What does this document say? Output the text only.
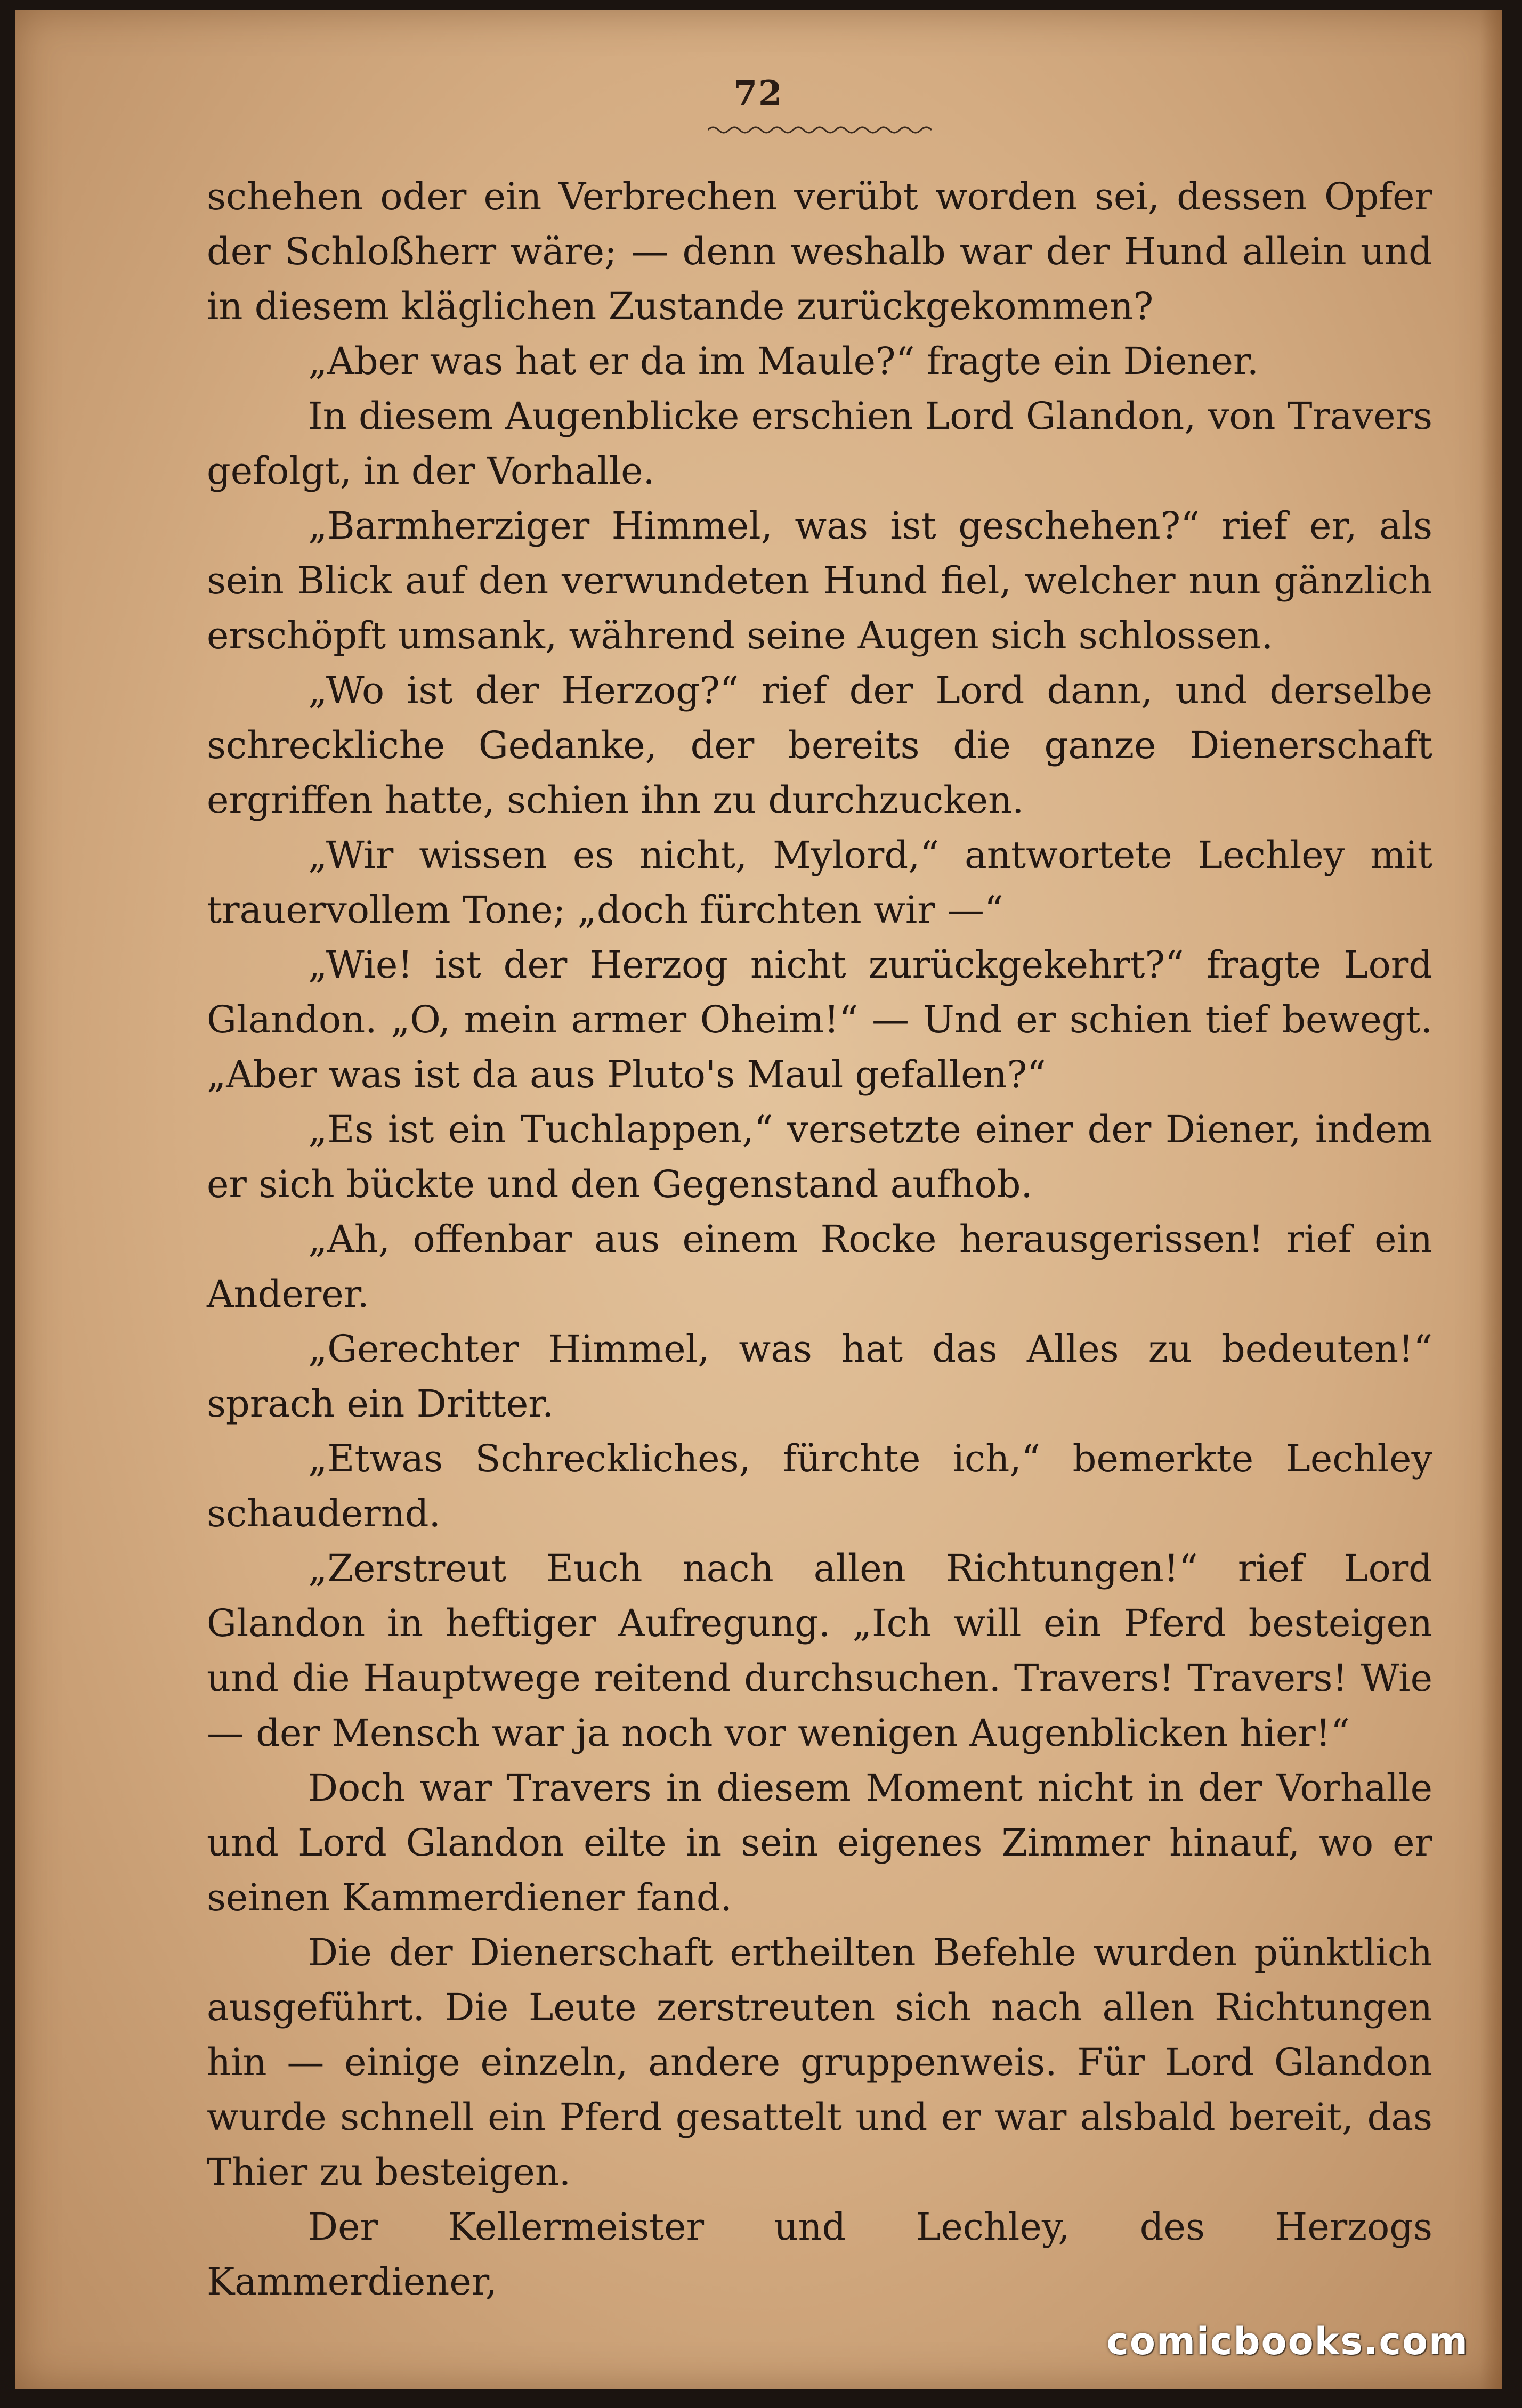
72

schehen oder ein Verbrechen verübt worden sei, dessen Opfer der Schloßherr wäre; — denn weshalb war der Hund allein und in diesem kläglichen Zustande zurückgekommen?

„Aber was hat er da im Maule?“ fragte ein Diener.

In diesem Augenblicke erschien Lord Glandon, von Travers gefolgt, in der Vorhalle.

„Barmherziger Himmel, was ist geschehen?“ rief er, als sein Blick auf den verwundeten Hund fiel, welcher nun gänzlich erschöpft umsank, während seine Augen sich schlossen.

„Wo ist der Herzog?“ rief der Lord dann, und derselbe schreckliche Gedanke, der bereits die ganze Dienerschaft ergriffen hatte, schien ihn zu durchzucken.

„Wir wissen es nicht, Mylord,“ antwortete Lechley mit trauervollem Tone; „doch fürchten wir —“

„Wie! ist der Herzog nicht zurückgekehrt?“ fragte Lord Glandon. „O, mein armer Oheim!“ — Und er schien tief bewegt. „Aber was ist da aus Pluto's Maul gefallen?“

„Es ist ein Tuchlappen,“ versetzte einer der Diener, indem er sich bückte und den Gegenstand aufhob.

„Ah, offenbar aus einem Rocke herausgerissen! rief ein Anderer.

„Gerechter Himmel, was hat das Alles zu bedeuten!“ sprach ein Dritter.

„Etwas Schreckliches, fürchte ich,“ bemerkte Lechley schaudernd.

„Zerstreut Euch nach allen Richtungen!“ rief Lord Glandon in heftiger Aufregung. „Ich will ein Pferd besteigen und die Hauptwege reitend durchsuchen. Travers! Travers! Wie — der Mensch war ja noch vor wenigen Augenblicken hier!“

Doch war Travers in diesem Moment nicht in der Vorhalle und Lord Glandon eilte in sein eigenes Zimmer hinauf, wo er seinen Kammerdiener fand.

Die der Dienerschaft ertheilten Befehle wurden pünktlich ausgeführt. Die Leute zerstreuten sich nach allen Richtungen hin — einige einzeln, andere gruppenweis. Für Lord Glandon wurde schnell ein Pferd gesattelt und er war alsbald bereit, das Thier zu besteigen.

Der Kellermeister und Lechley, des Herzogs Kammerdiener,

comicbooks.com
